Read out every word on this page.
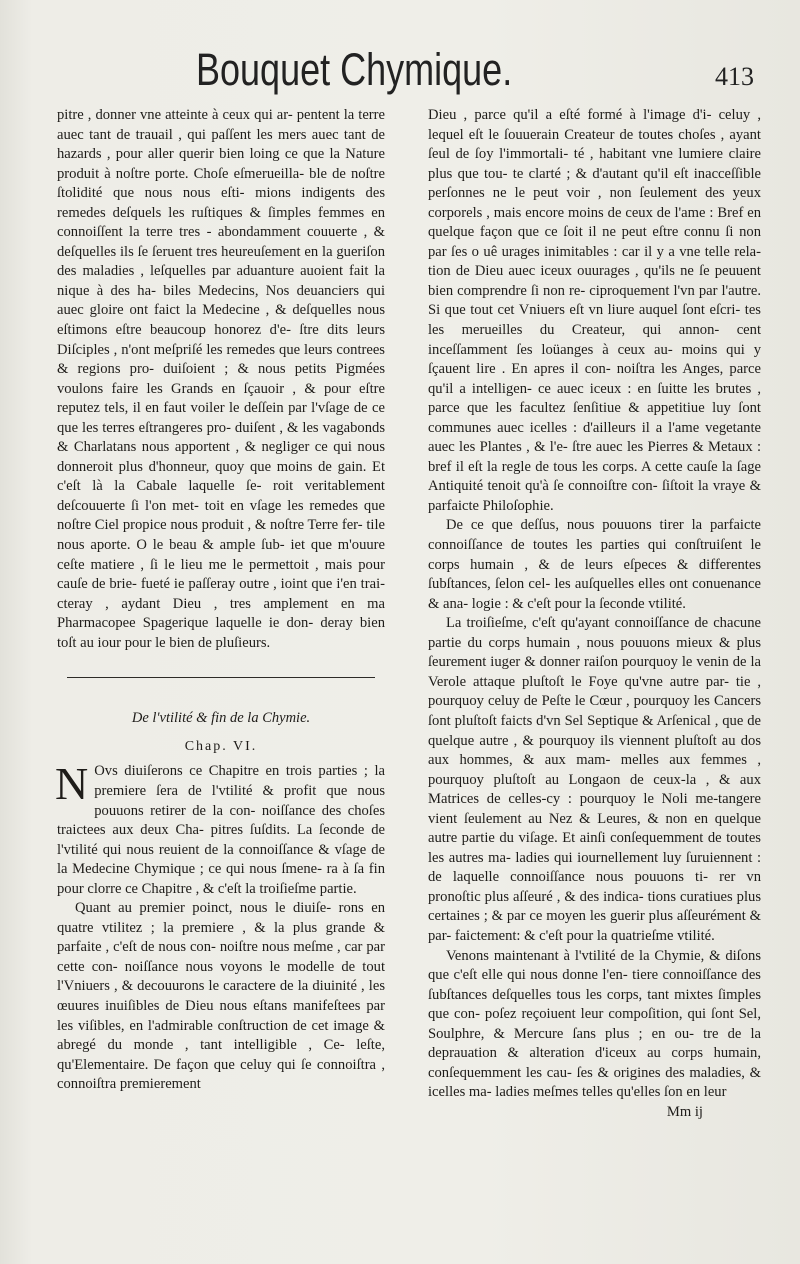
Bouquet Chymique.	413

pitre , donner vne atteinte à ceux qui ar- pentent la terre auec tant de trauail , qui paſſent les mers auec tant de hazards , pour aller querir bien loing ce que la Nature produit à noſtre porte. Choſe eſmerueilla- ble de noſtre ſtolidité que nous nous eſti- mions indigents des remedes deſquels les ruſtiques & ſimples femmes en connoiſſent la terre tres - abondamment couuerte , & deſquelles ils ſe ſeruent tres heureuſement en la gueriſon des maladies , leſquelles par aduanture auoient fait la nique à des ha- biles Medecins, Nos deuanciers qui auec gloire ont faict la Medecine , & deſquelles nous eſtimons eſtre beaucoup honorez d'e- ſtre dits leurs Diſciples , n'ont meſpriſé les remedes que leurs contrees & regions pro- duiſoient ; & nous petits Pigmées voulons faire les Grands en ſçauoir , & pour eſtre reputez tels, il en faut voiler le deſſein par l'vſage de ce que les terres eſtrangeres pro- duiſent , & les vagabonds & Charlatans nous apportent , & negliger ce qui nous donneroit plus d'honneur, quoy que moins de gain. Et c'eſt là la Cabale laquelle ſe- roit veritablement deſcouuerte ſi l'on met- toit en vſage les remedes que noſtre Ciel propice nous produit , & noſtre Terre fer- tile nous aporte. O le beau & ample ſub- iet que m'ouure ceſte matiere , ſi le lieu me le permettoit , mais pour cauſe de brie- fueté ie paſſeray outre , ioint que i'en trai- cteray , aydant Dieu , tres amplement en ma Pharmacopee Spagerique laquelle ie don- deray bien toſt au iour pour le bien de pluſieurs.

De l'vtilité & fin de la Chymie.
Chap. VI.

N Ovs diuiſerons ce Chapitre en trois parties ; la premiere ſera de l'vtilité & profit que nous pouuons retirer de la con- noiſſance des choſes traictees aux deux Cha- pitres ſuſdits. La ſeconde de l'vtilité qui nous reuient de la connoiſſance & vſage de la Medecine Chymique ; ce qui nous ſmene- ra à ſa fin pour clorre ce Chapitre , & c'eſt la troiſieſme partie.

Quant au premier poinct, nous le diuiſe- rons en quatre vtilitez ; la premiere , & la plus grande & parfaite , c'eſt de nous con- noiſtre nous meſme , car par cette con- noiſſance nous voyons le modelle de tout l'Vniuers , & decouurons le caractere de la diuinité , les œuures inuiſibles de Dieu nous eſtans manifeſtees par les viſibles, en l'admirable conſtruction de cet image & abregé du monde , tant intelligible , Ce- leſte, qu'Elementaire. De façon que celuy qui ſe connoiſtra , connoiſtra premierement

Dieu , parce qu'il a eſté formé à l'image d'i- celuy , lequel eſt le ſouuerain Createur de toutes choſes , ayant ſeul de ſoy l'immortali- té , habitant vne lumiere claire plus que tou- te clarté ; & d'autant qu'il eſt inacceſſible perſonnes ne le peut voir , non ſeulement des yeux corporels , mais encore moins de ceux de l'ame : Bref en quelque façon que ce ſoit il ne peut eſtre connu ſi non par ſes o uê urages inimitables : car il y a vne telle rela- tion de Dieu auec iceux ouurages , qu'ils ne ſe peuuent bien comprendre ſi non re- ciproquement l'vn par l'autre. Si que tout cet Vniuers eſt vn liure auquel ſont eſcri- tes les merueilles du Createur, qui annon- cent inceſſamment ſes loüanges à ceux au- moins qui y ſçauent lire . En apres il con- noiſtra les Anges, parce qu'il a intelligen- ce auec iceux : en ſuitte les brutes , parce que les facultez ſenſitiue & appetitiue luy ſont communes auec icelles : d'ailleurs il a l'ame vegetante auec les Plantes , & l'e- ſtre auec les Pierres & Metaux : bref il eſt la regle de tous les corps. A cette cauſe la ſage Antiquité tenoit qu'à ſe connoiſtre con- ſiſtoit la vraye & parfaicte Philoſophie.

De ce que deſſus, nous pouuons tirer la parfaicte connoiſſance de toutes les parties qui conſtruiſent le corps humain , & de leurs eſpeces & differentes ſubſtances, ſelon cel- les auſquelles elles ont conuenance & ana- logie : & c'eſt pour la ſeconde vtilité.

La troiſieſme, c'eſt qu'ayant connoiſſance de chacune partie du corps humain , nous pouuons mieux & plus ſeurement iuger & donner raiſon pourquoy le venin de la Verole attaque pluſtoſt le Foye qu'vne autre par- tie , pourquoy celuy de Peſte le Cœur , pourquoy les Cancers ſont pluſtoſt faicts d'vn Sel Septique & Arſenical , que de quelque autre , & pourquoy ils viennent pluſtoſt au dos aux hommes, & aux mam- melles aux femmes , pourquoy pluſtoſt au Longaon de ceux-la , & aux Matrices de celles-cy : pourquoy le Noli me-tangere vient ſeulement au Nez & Leures, & non en quelque autre partie du viſage. Et ainſi conſequemment de toutes les autres ma- ladies qui iournellement luy ſuruiennent : de laquelle connoiſſance nous pouuons ti- rer vn pronoſtic plus aſſeuré , & des indica- tions curatiues plus certaines ; & par ce moyen les guerir plus aſſeurément & par- faictement: & c'eſt pour la quatrieſme vtilité.

Venons maintenant à l'vtilité de la Chymie, & diſons que c'eſt elle qui nous donne l'en- tiere connoiſſance des ſubſtances deſquelles tous les corps, tant mixtes ſimples que con- poſez reçoiuent leur compoſition, qui ſont Sel, Soulphre, & Mercure ſans plus ; en ou- tre de la deprauation & alteration d'iceux au corps humain, conſequemment les cau- ſes & origines des maladies, & icelles ma- ladies meſmes telles qu'elles ſon en leur

Mm ij
